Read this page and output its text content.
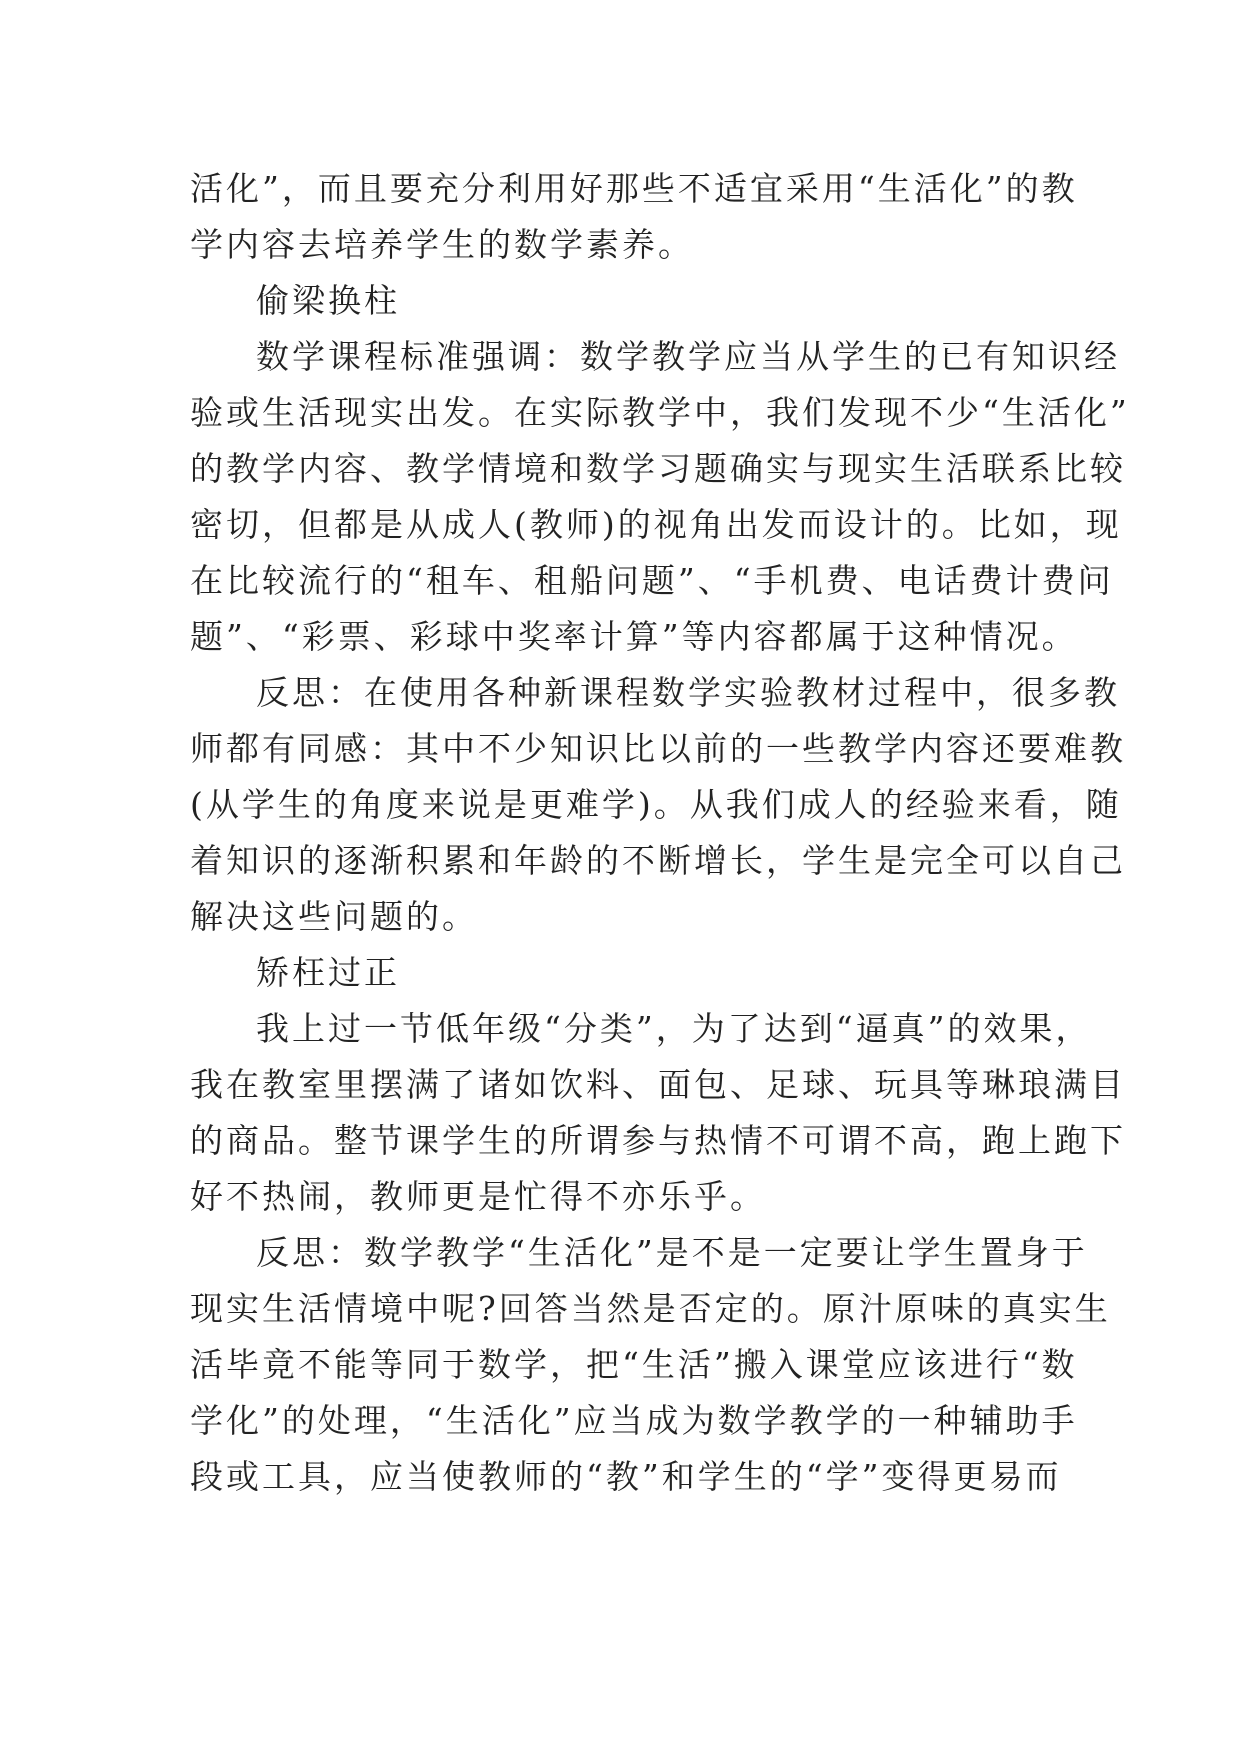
活化”，而且要充分利用好那些不适宜采用“生活化”的教
学内容去培养学生的数学素养。
偷梁换柱
数学课程标准强调：数学教学应当从学生的已有知识经
验或生活现实出发。在实际教学中，我们发现不少“生活化”
的教学内容、教学情境和数学习题确实与现实生活联系比较
密切，但都是从成人(教师)的视角出发而设计的。比如，现
在比较流行的“租车、租船问题”、“手机费、电话费计费问
题”、“彩票、彩球中奖率计算”等内容都属于这种情况。
反思：在使用各种新课程数学实验教材过程中，很多教
师都有同感：其中不少知识比以前的一些教学内容还要难教
(从学生的角度来说是更难学)。从我们成人的经验来看，随
着知识的逐渐积累和年龄的不断增长，学生是完全可以自己
解决这些问题的。
矫枉过正
我上过一节低年级“分类”，为了达到“逼真”的效果，
我在教室里摆满了诸如饮料、面包、足球、玩具等琳琅满目
的商品。整节课学生的所谓参与热情不可谓不高，跑上跑下
好不热闹，教师更是忙得不亦乐乎。
反思：数学教学“生活化”是不是一定要让学生置身于
现实生活情境中呢?回答当然是否定的。原汁原味的真实生
活毕竟不能等同于数学，把“生活”搬入课堂应该进行“数
学化”的处理，“生活化”应当成为数学教学的一种辅助手
段或工具，应当使教师的“教”和学生的“学”变得更易而
